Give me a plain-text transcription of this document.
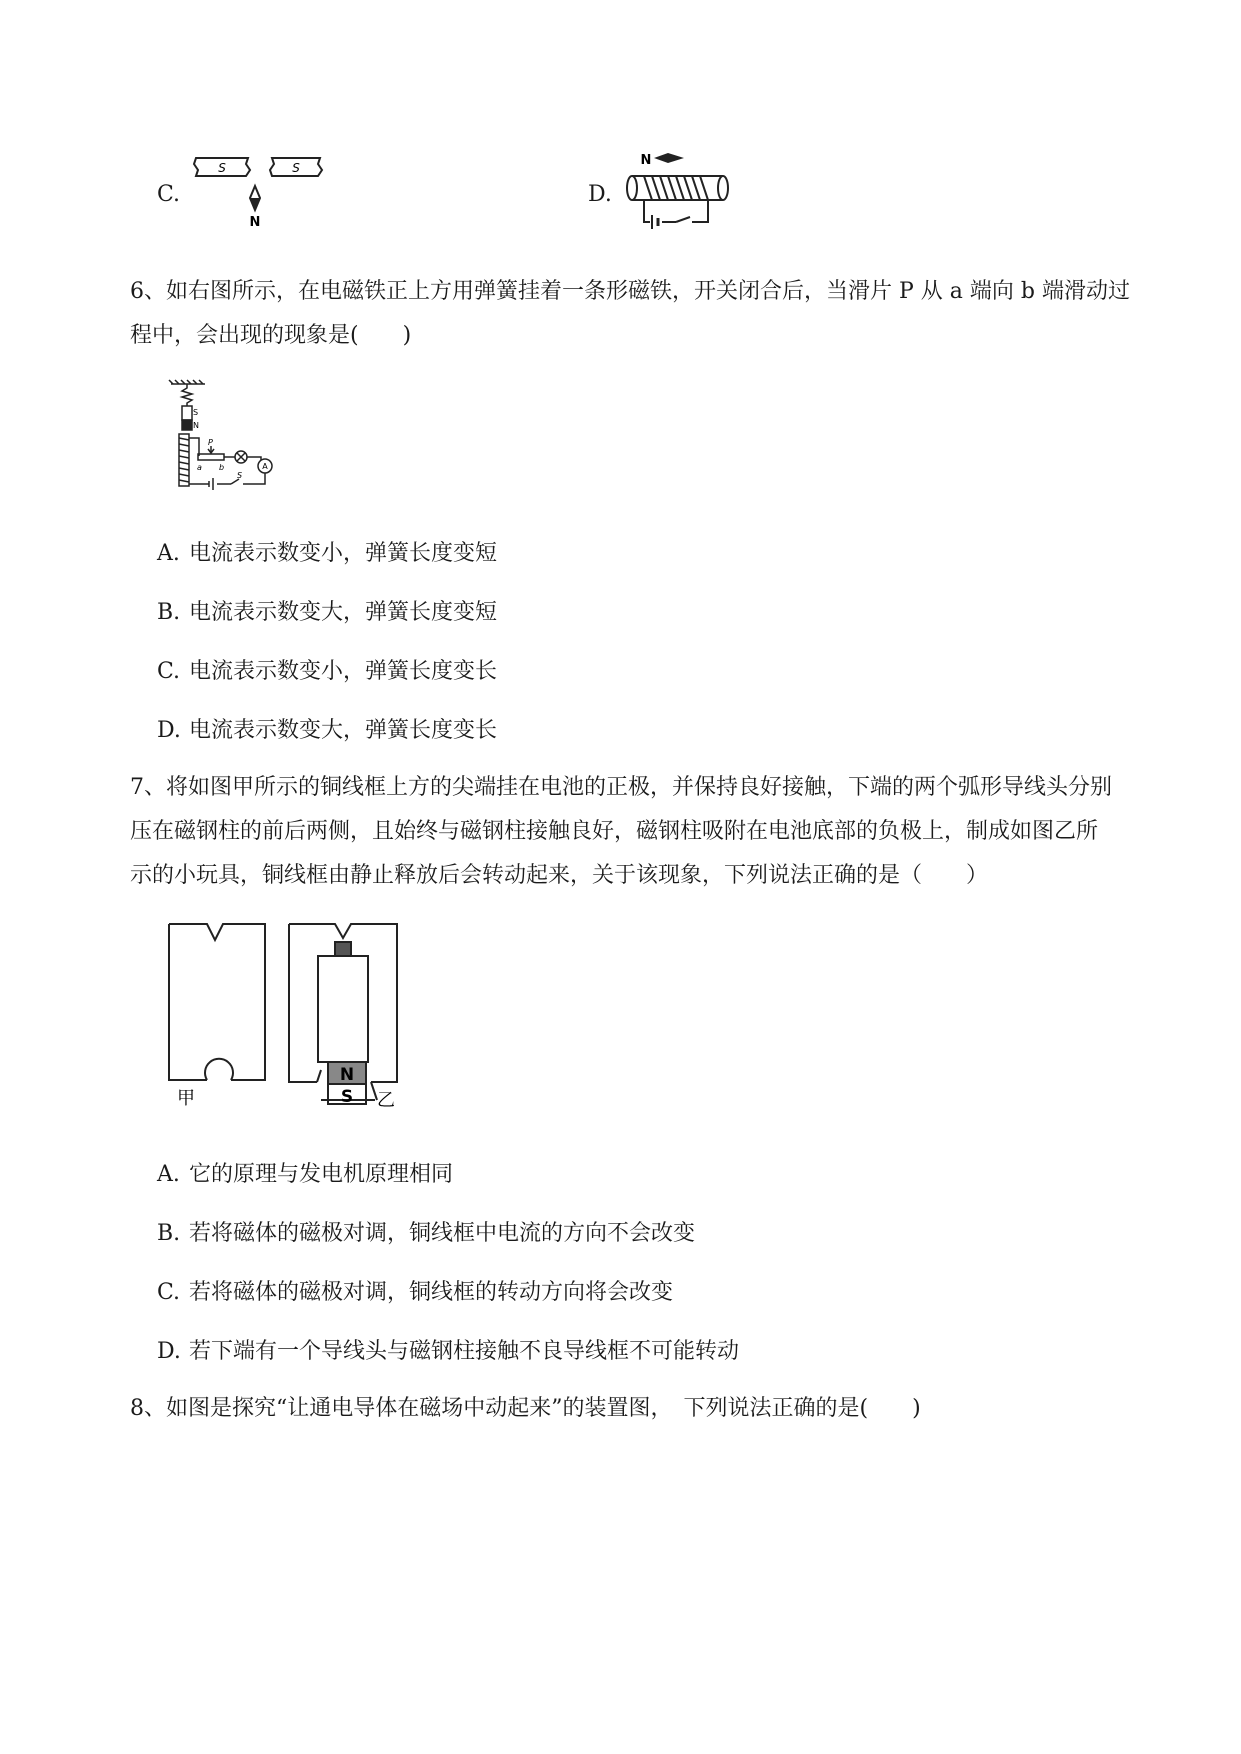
C.
S	S
N
D.
N
6、如右图所示，在电磁铁正上方用弹簧挂着一条形磁铁，开关闭合后，当滑片 P 从 a 端向 b 端滑动过
程中，会出现的现象是(　　)
S
N
P
a b
S
A
A. 电流表示数变小，弹簧长度变短
B. 电流表示数变大，弹簧长度变短
C. 电流表示数变小，弹簧长度变长
D. 电流表示数变大，弹簧长度变长
7、将如图甲所示的铜线框上方的尖端挂在电池的正极，并保持良好接触，下端的两个弧形导线头分别
压在磁钢柱的前后两侧，且始终与磁钢柱接触良好，磁钢柱吸附在电池底部的负极上，制成如图乙所
示的小玩具，铜线框由静止释放后会转动起来，关于该现象，下列说法正确的是（　　）
甲	乙
N
S
A. 它的原理与发电机原理相同
B. 若将磁体的磁极对调，铜线框中电流的方向不会改变
C. 若将磁体的磁极对调，铜线框的转动方向将会改变
D. 若下端有一个导线头与磁钢柱接触不良导线框不可能转动
8、如图是探究“让通电导体在磁场中动起来”的装置图，　下列说法正确的是(　　)
